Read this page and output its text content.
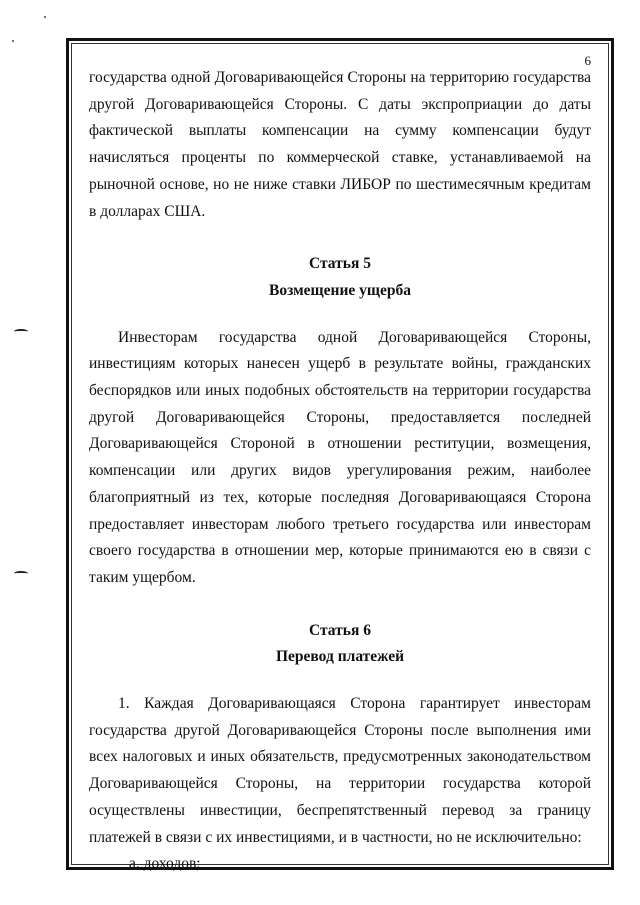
6

государства одной Договаривающейся Стороны на территорию государства другой Договаривающейся Стороны. С даты экспроприации до даты фактической выплаты компенсации на сумму компенсации будут начисляться проценты по коммерческой ставке, устанавливаемой на рыночной основе, но не ниже ставки ЛИБОР по шестимесячным кредитам в долларах США.

Статья 5

Возмещение ущерба

Инвесторам государства одной Договаривающейся Стороны, инвестициям которых нанесен ущерб в результате войны, гражданских беспорядков или иных подобных обстоятельств на территории государства другой Договаривающейся Стороны, предоставляется последней Договаривающейся Стороной в отношении реституции, возмещения, компенсации или других видов урегулирования режим, наиболее благоприятный из тех, которые последняя Договаривающаяся Сторона предоставляет инвесторам любого третьего государства или инвесторам своего государства в отношении мер, которые принимаются ею в связи с таким ущербом.

Статья 6

Перевод платежей

1. Каждая Договаривающаяся Сторона гарантирует инвесторам государства другой Договаривающейся Стороны после выполнения ими всех налоговых и иных обязательств, предусмотренных законодательством Договаривающейся Стороны, на территории государства которой осуществлены инвестиции, беспрепятственный перевод за границу платежей в связи с их инвестициями, и в частности, но не исключительно:

а. доходов;
